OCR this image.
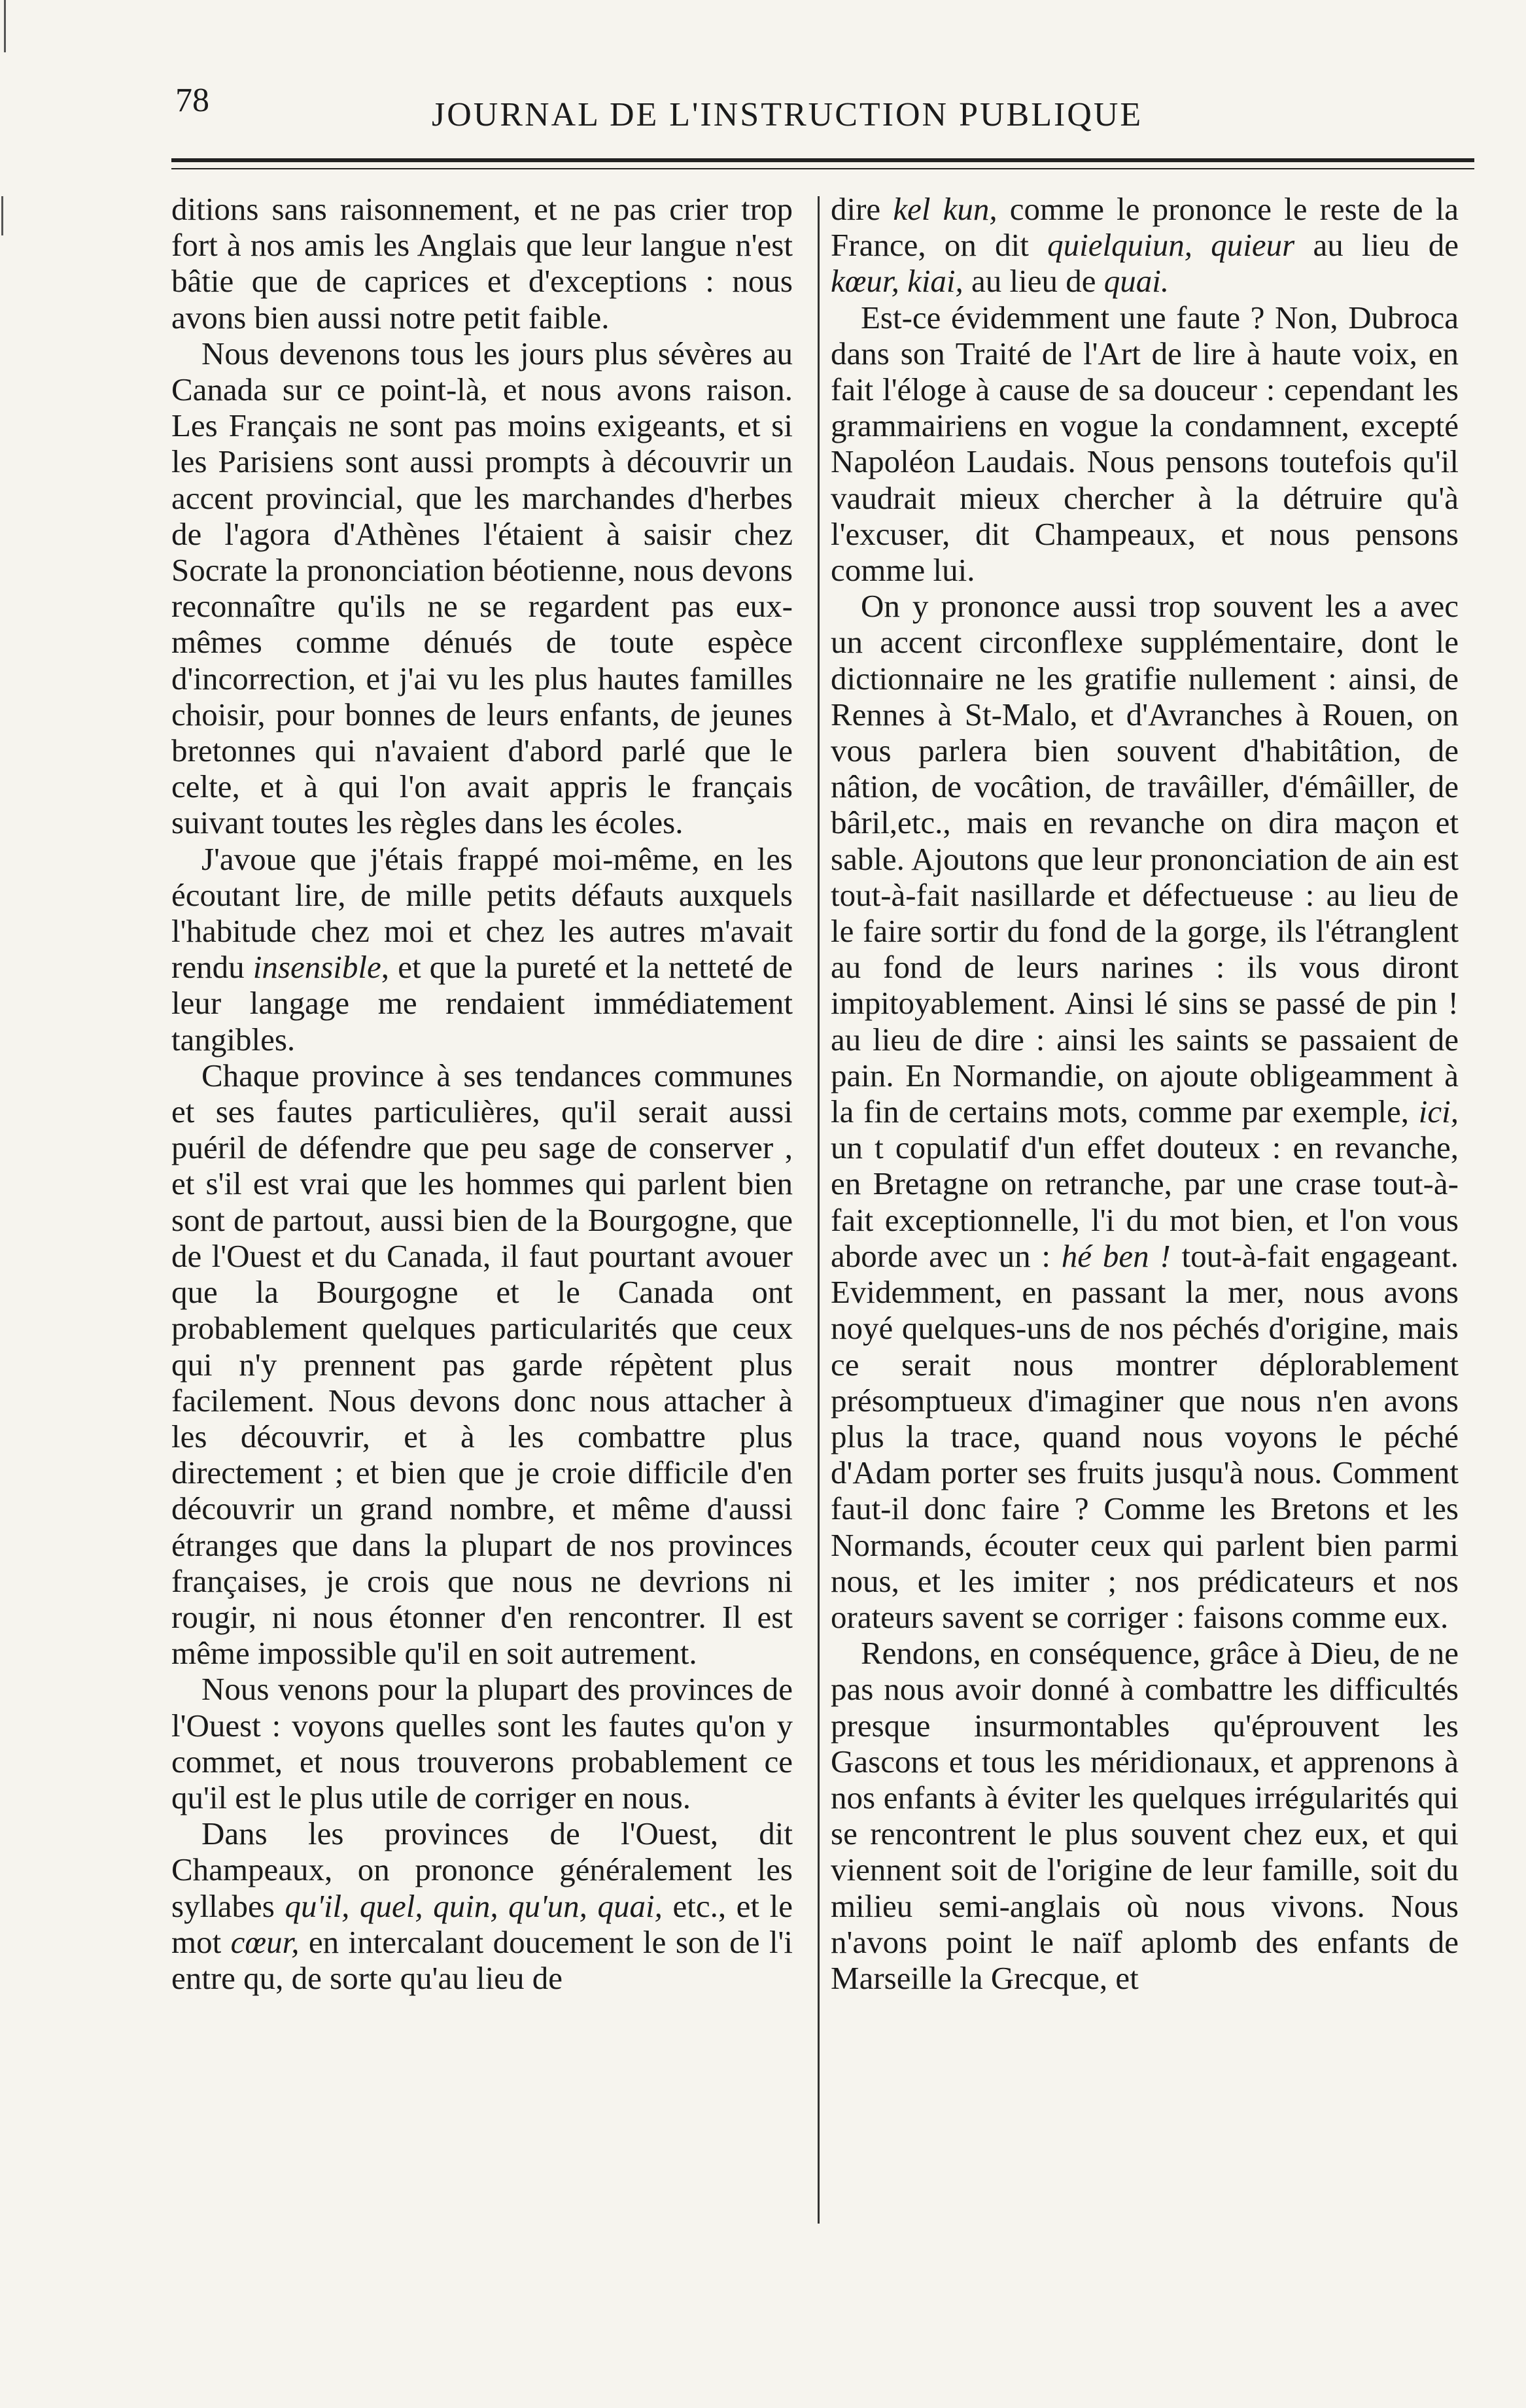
78	JOURNAL DE L'INSTRUCTION PUBLIQUE

ditions sans raisonnement, et ne pas crier trop fort à nos amis les Anglais que leur langue n'est bâtie que de caprices et d'exceptions : nous avons bien aussi notre petit faible.

Nous devenons tous les jours plus sévères au Canada sur ce point-là, et nous avons raison. Les Français ne sont pas moins exigeants, et si les Parisiens sont aussi prompts à découvrir un accent provincial, que les marchandes d'herbes de l'agora d'Athènes l'étaient à saisir chez Socrate la prononciation béotienne, nous devons reconnaître qu'ils ne se regardent pas eux-mêmes comme dénués de toute espèce d'incorrection, et j'ai vu les plus hautes familles choisir, pour bonnes de leurs enfants, de jeunes bretonnes qui n'avaient d'abord parlé que le celte, et à qui l'on avait appris le français suivant toutes les règles dans les écoles.

J'avoue que j'étais frappé moi-même, en les écoutant lire, de mille petits défauts auxquels l'habitude chez moi et chez les autres m'avait rendu insensible, et que la pureté et la netteté de leur langage me rendaient immédiatement tangibles.

Chaque province à ses tendances communes et ses fautes particulières, qu'il serait aussi puéril de défendre que peu sage de conserver , et s'il est vrai que les hommes qui parlent bien sont de partout, aussi bien de la Bourgogne, que de l'Ouest et du Canada, il faut pourtant avouer que la Bourgogne et le Canada ont probablement quelques particularités que ceux qui n'y prennent pas garde répètent plus facilement. Nous devons donc nous attacher à les découvrir, et à les combattre plus directement ; et bien que je croie difficile d'en découvrir un grand nombre, et même d'aussi étranges que dans la plupart de nos provinces françaises, je crois que nous ne devrions ni rougir, ni nous étonner d'en rencontrer. Il est même impossible qu'il en soit autrement.

Nous venons pour la plupart des provinces de l'Ouest : voyons quelles sont les fautes qu'on y commet, et nous trouverons probablement ce qu'il est le plus utile de corriger en nous.

Dans les provinces de l'Ouest, dit Champeaux, on prononce généralement les syllabes qu'il, quel, quin, qu'un, quai, etc., et le mot cœur, en intercalant doucement le son de l'i entre qu, de sorte qu'au lieu de

dire kel kun, comme le prononce le reste de la France, on dit quielquiun, quieur au lieu de kœur, kiai, au lieu de quai.

Est-ce évidemment une faute ? Non, Dubroca dans son Traité de l'Art de lire à haute voix, en fait l'éloge à cause de sa douceur : cependant les grammairiens en vogue la condamnent, excepté Napoléon Laudais. Nous pensons toutefois qu'il vaudrait mieux chercher à la détruire qu'à l'excuser, dit Champeaux, et nous pensons comme lui.

On y prononce aussi trop souvent les a avec un accent circonflexe supplémentaire, dont le dictionnaire ne les gratifie nullement : ainsi, de Rennes à St-Malo, et d'Avranches à Rouen, on vous parlera bien souvent d'habitâtion, de nâtion, de vocâtion, de travâiller, d'émâiller, de bâril,etc., mais en revanche on dira maçon et sable. Ajoutons que leur prononciation de ain est tout-à-fait nasillarde et défectueuse : au lieu de le faire sortir du fond de la gorge, ils l'étranglent au fond de leurs narines : ils vous diront impitoyablement. Ainsi lé sins se passé de pin ! au lieu de dire : ainsi les saints se passaient de pain. En Normandie, on ajoute obligeamment à la fin de certains mots, comme par exemple, ici, un t copulatif d'un effet douteux : en revanche, en Bretagne on retranche, par une crase tout-à-fait exceptionnelle, l'i du mot bien, et l'on vous aborde avec un : hé ben ! tout-à-fait engageant. Evidemment, en passant la mer, nous avons noyé quelques-uns de nos péchés d'origine, mais ce serait nous montrer déplorablement présomptueux d'imaginer que nous n'en avons plus la trace, quand nous voyons le péché d'Adam porter ses fruits jusqu'à nous. Comment faut-il donc faire ? Comme les Bretons et les Normands, écouter ceux qui parlent bien parmi nous, et les imiter ; nos prédicateurs et nos orateurs savent se corriger : faisons comme eux.

Rendons, en conséquence, grâce à Dieu, de ne pas nous avoir donné à combattre les difficultés presque insurmontables qu'éprouvent les Gascons et tous les méridionaux, et apprenons à nos enfants à éviter les quelques irrégularités qui se rencontrent le plus souvent chez eux, et qui viennent soit de l'origine de leur famille, soit du milieu semi-anglais où nous vivons. Nous n'avons point le naïf aplomb des enfants de Marseille la Grecque, et
